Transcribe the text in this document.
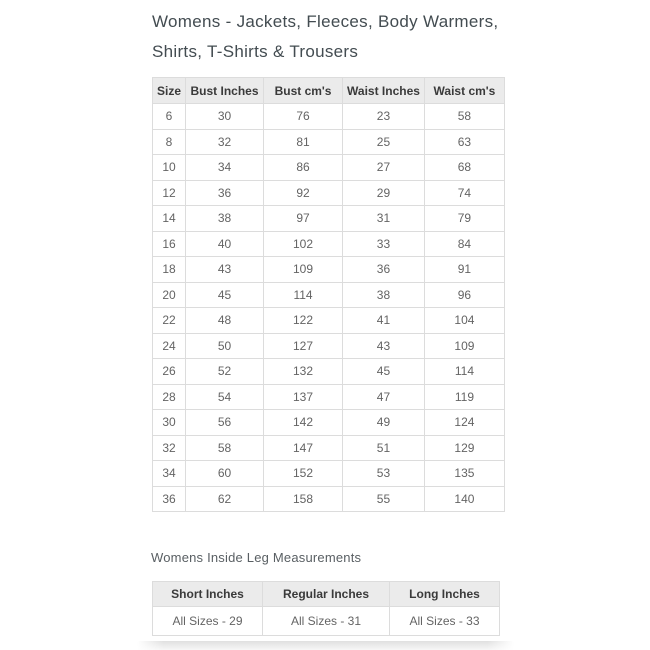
Womens - Jackets, Fleeces, Body Warmers, Shirts, T-Shirts & Trousers
Size	Bust Inches	Bust cm's	Waist Inches	Waist cm's
6	30	76	23	58
8	32	81	25	63
10	34	86	27	68
12	36	92	29	74
14	38	97	31	79
16	40	102	33	84
18	43	109	36	91
20	45	114	38	96
22	48	122	41	104
24	50	127	43	109
26	52	132	45	114
28	54	137	47	119
30	56	142	49	124
32	58	147	51	129
34	60	152	53	135
36	62	158	55	140

Womens Inside Leg Measurements

Short Inches	Regular Inches	Long Inches
All Sizes - 29	All Sizes - 31	All Sizes - 33
